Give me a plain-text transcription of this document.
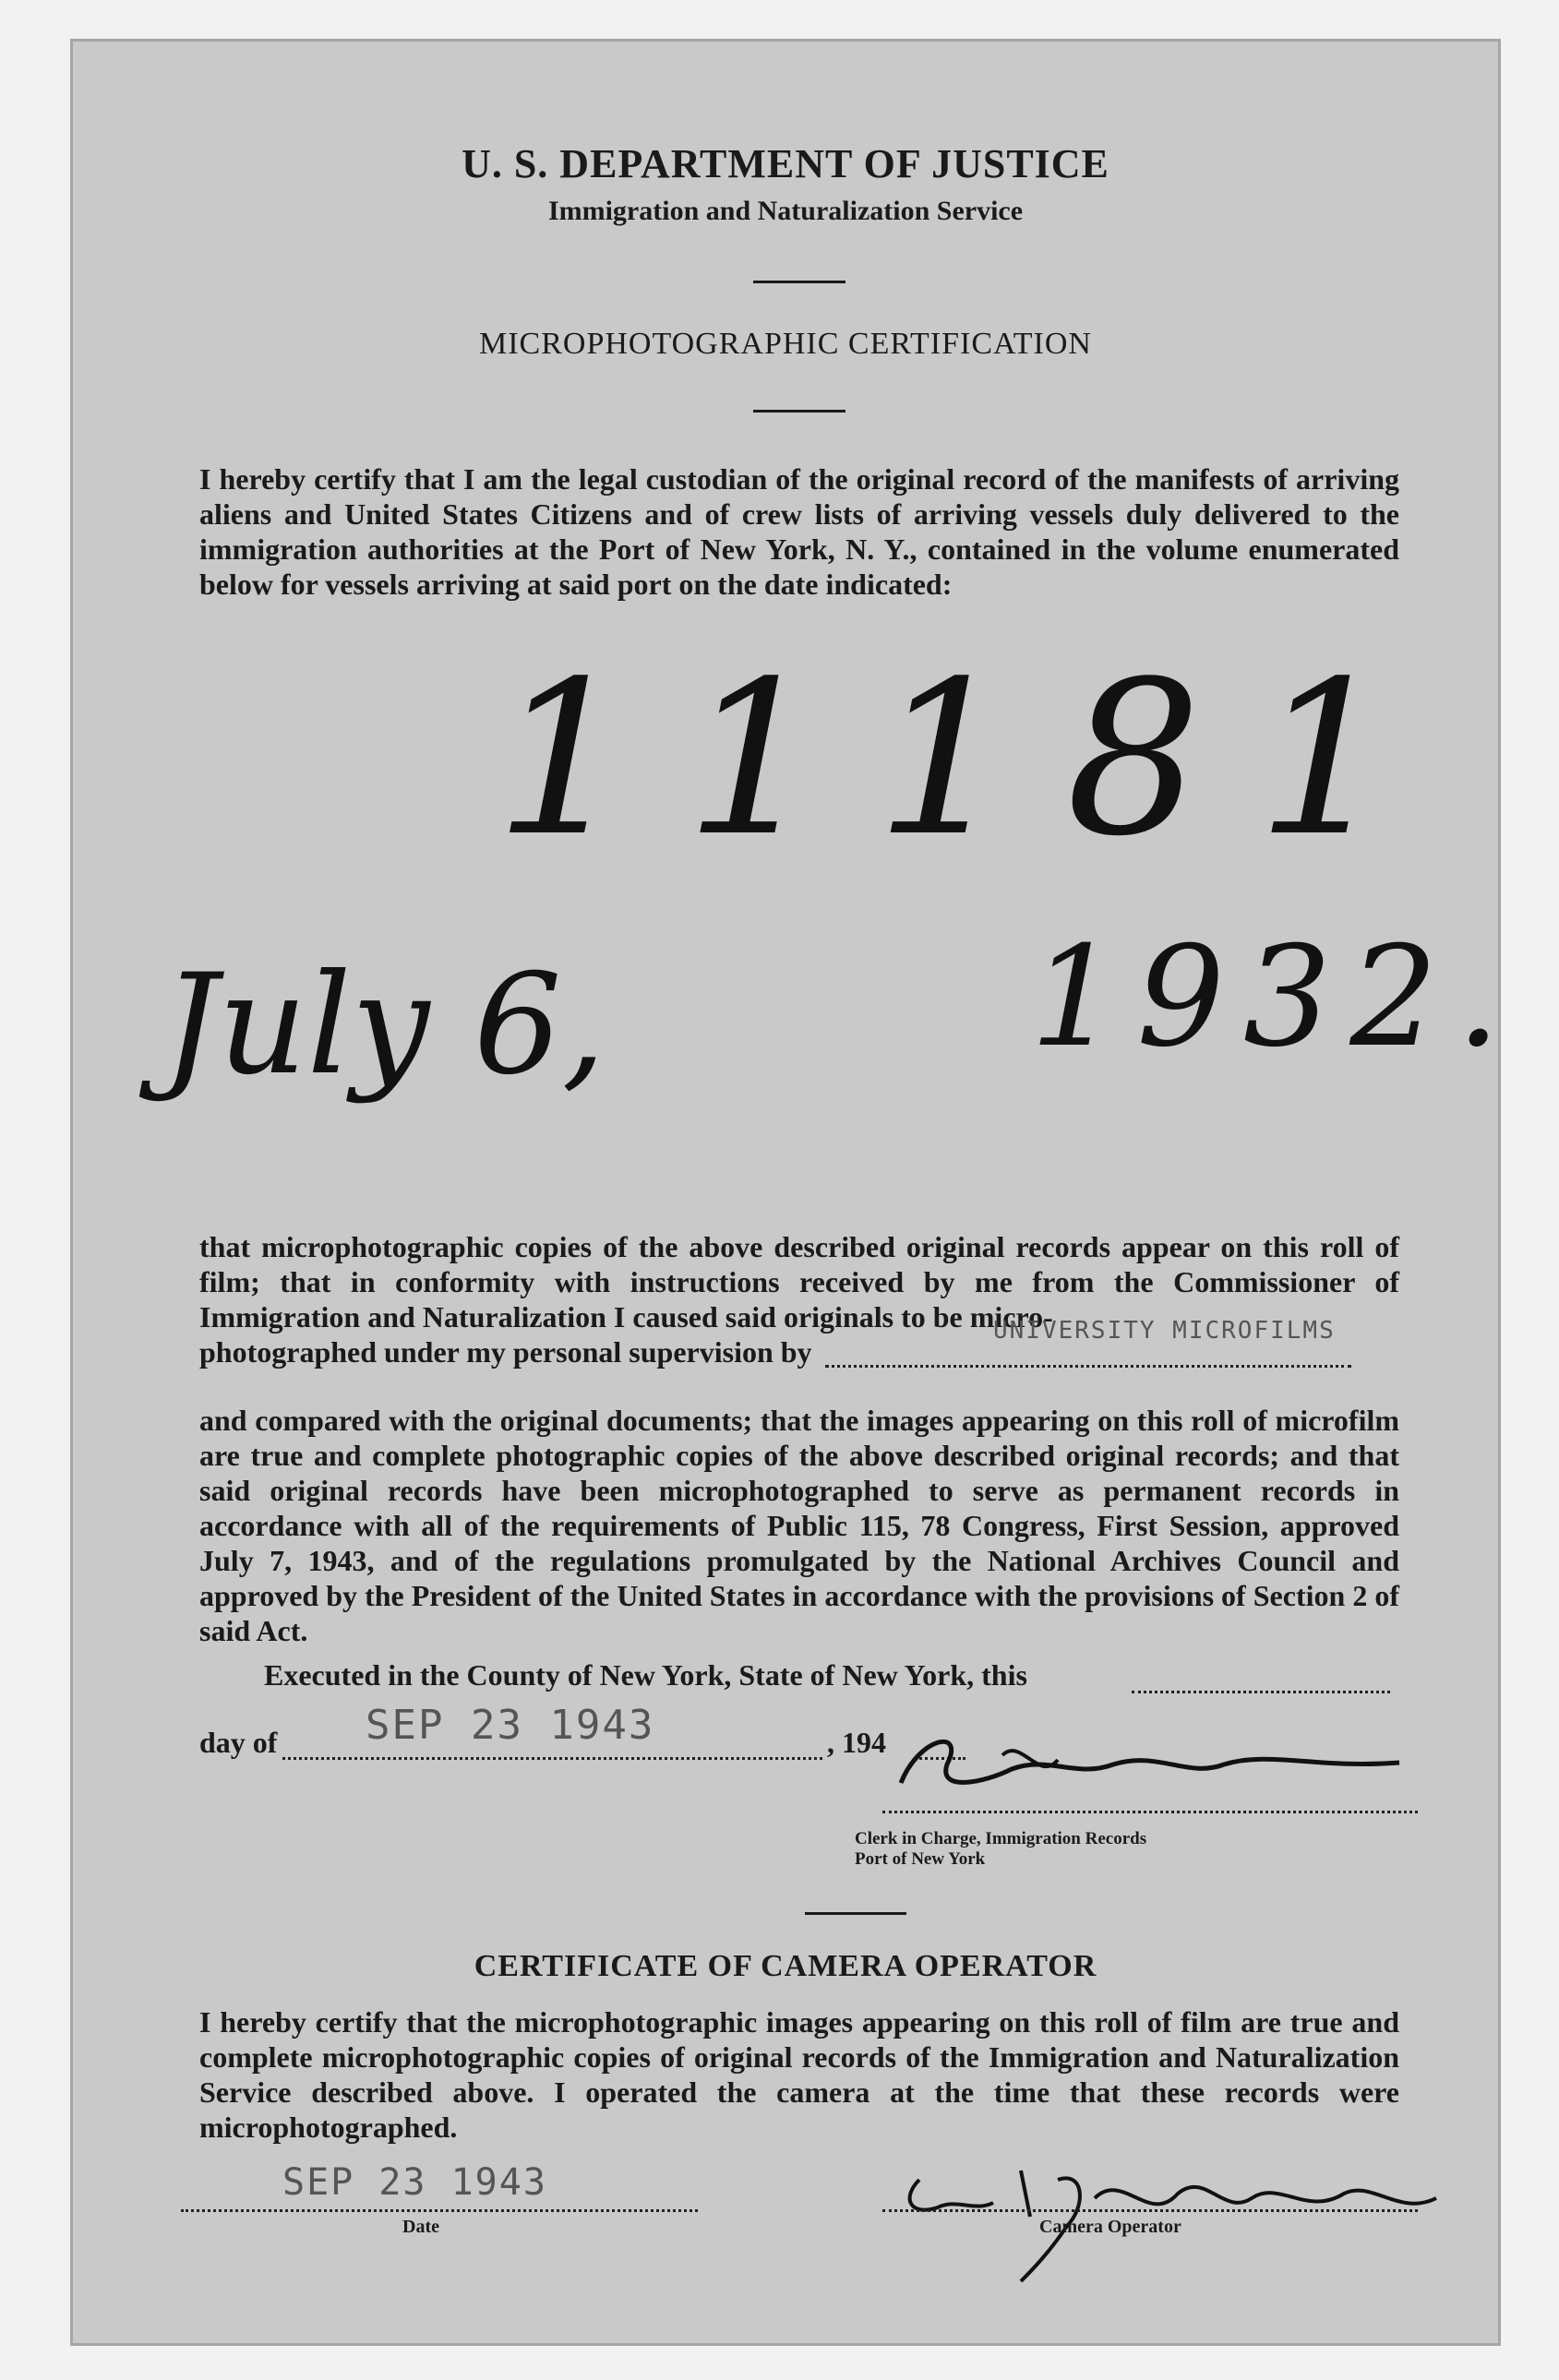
U. S. DEPARTMENT OF JUSTICE
Immigration and Naturalization Service
MICROPHOTOGRAPHIC CERTIFICATION
I hereby certify that I am the legal custodian of the original record of the manifests of arriving aliens and United States Citizens and of crew lists of arriving vessels duly delivered to the immigration authorities at the Port of New York, N. Y., contained in the volume enumerated below for vessels arriving at said port on the date indicated:
11181
July 6,	1932.
that microphotographic copies of the above described original records appear on this roll of film; that in conformity with instructions received by me from the Commissioner of Immigration and Naturalization I caused said originals to be micro-
photographed under my personal supervision by
UNIVERSITY MICROFILMS
and compared with the original documents; that the images appearing on this roll of microfilm are true and complete photographic copies of the above described original records; and that said original records have been microphotographed to serve as permanent records in accordance with all of the requirements of Public 115, 78 Congress, First Session, approved July 7, 1943, and of the regulations promulgated by the National Archives Council and approved by the President of the United States in accordance with the provisions of Section 2 of said Act.
Executed in the County of New York, State of New York, this
day of SEP 23 1943	, 194
Clerk in Charge, Immigration Records
Port of New York
CERTIFICATE OF CAMERA OPERATOR
I hereby certify that the microphotographic images appearing on this roll of film are true and complete microphotographic copies of original records of the Immigration and Naturalization Service described above. I operated the camera at the time that these records were microphotographed.
SEP 23 1943
Date	Camera Operator
